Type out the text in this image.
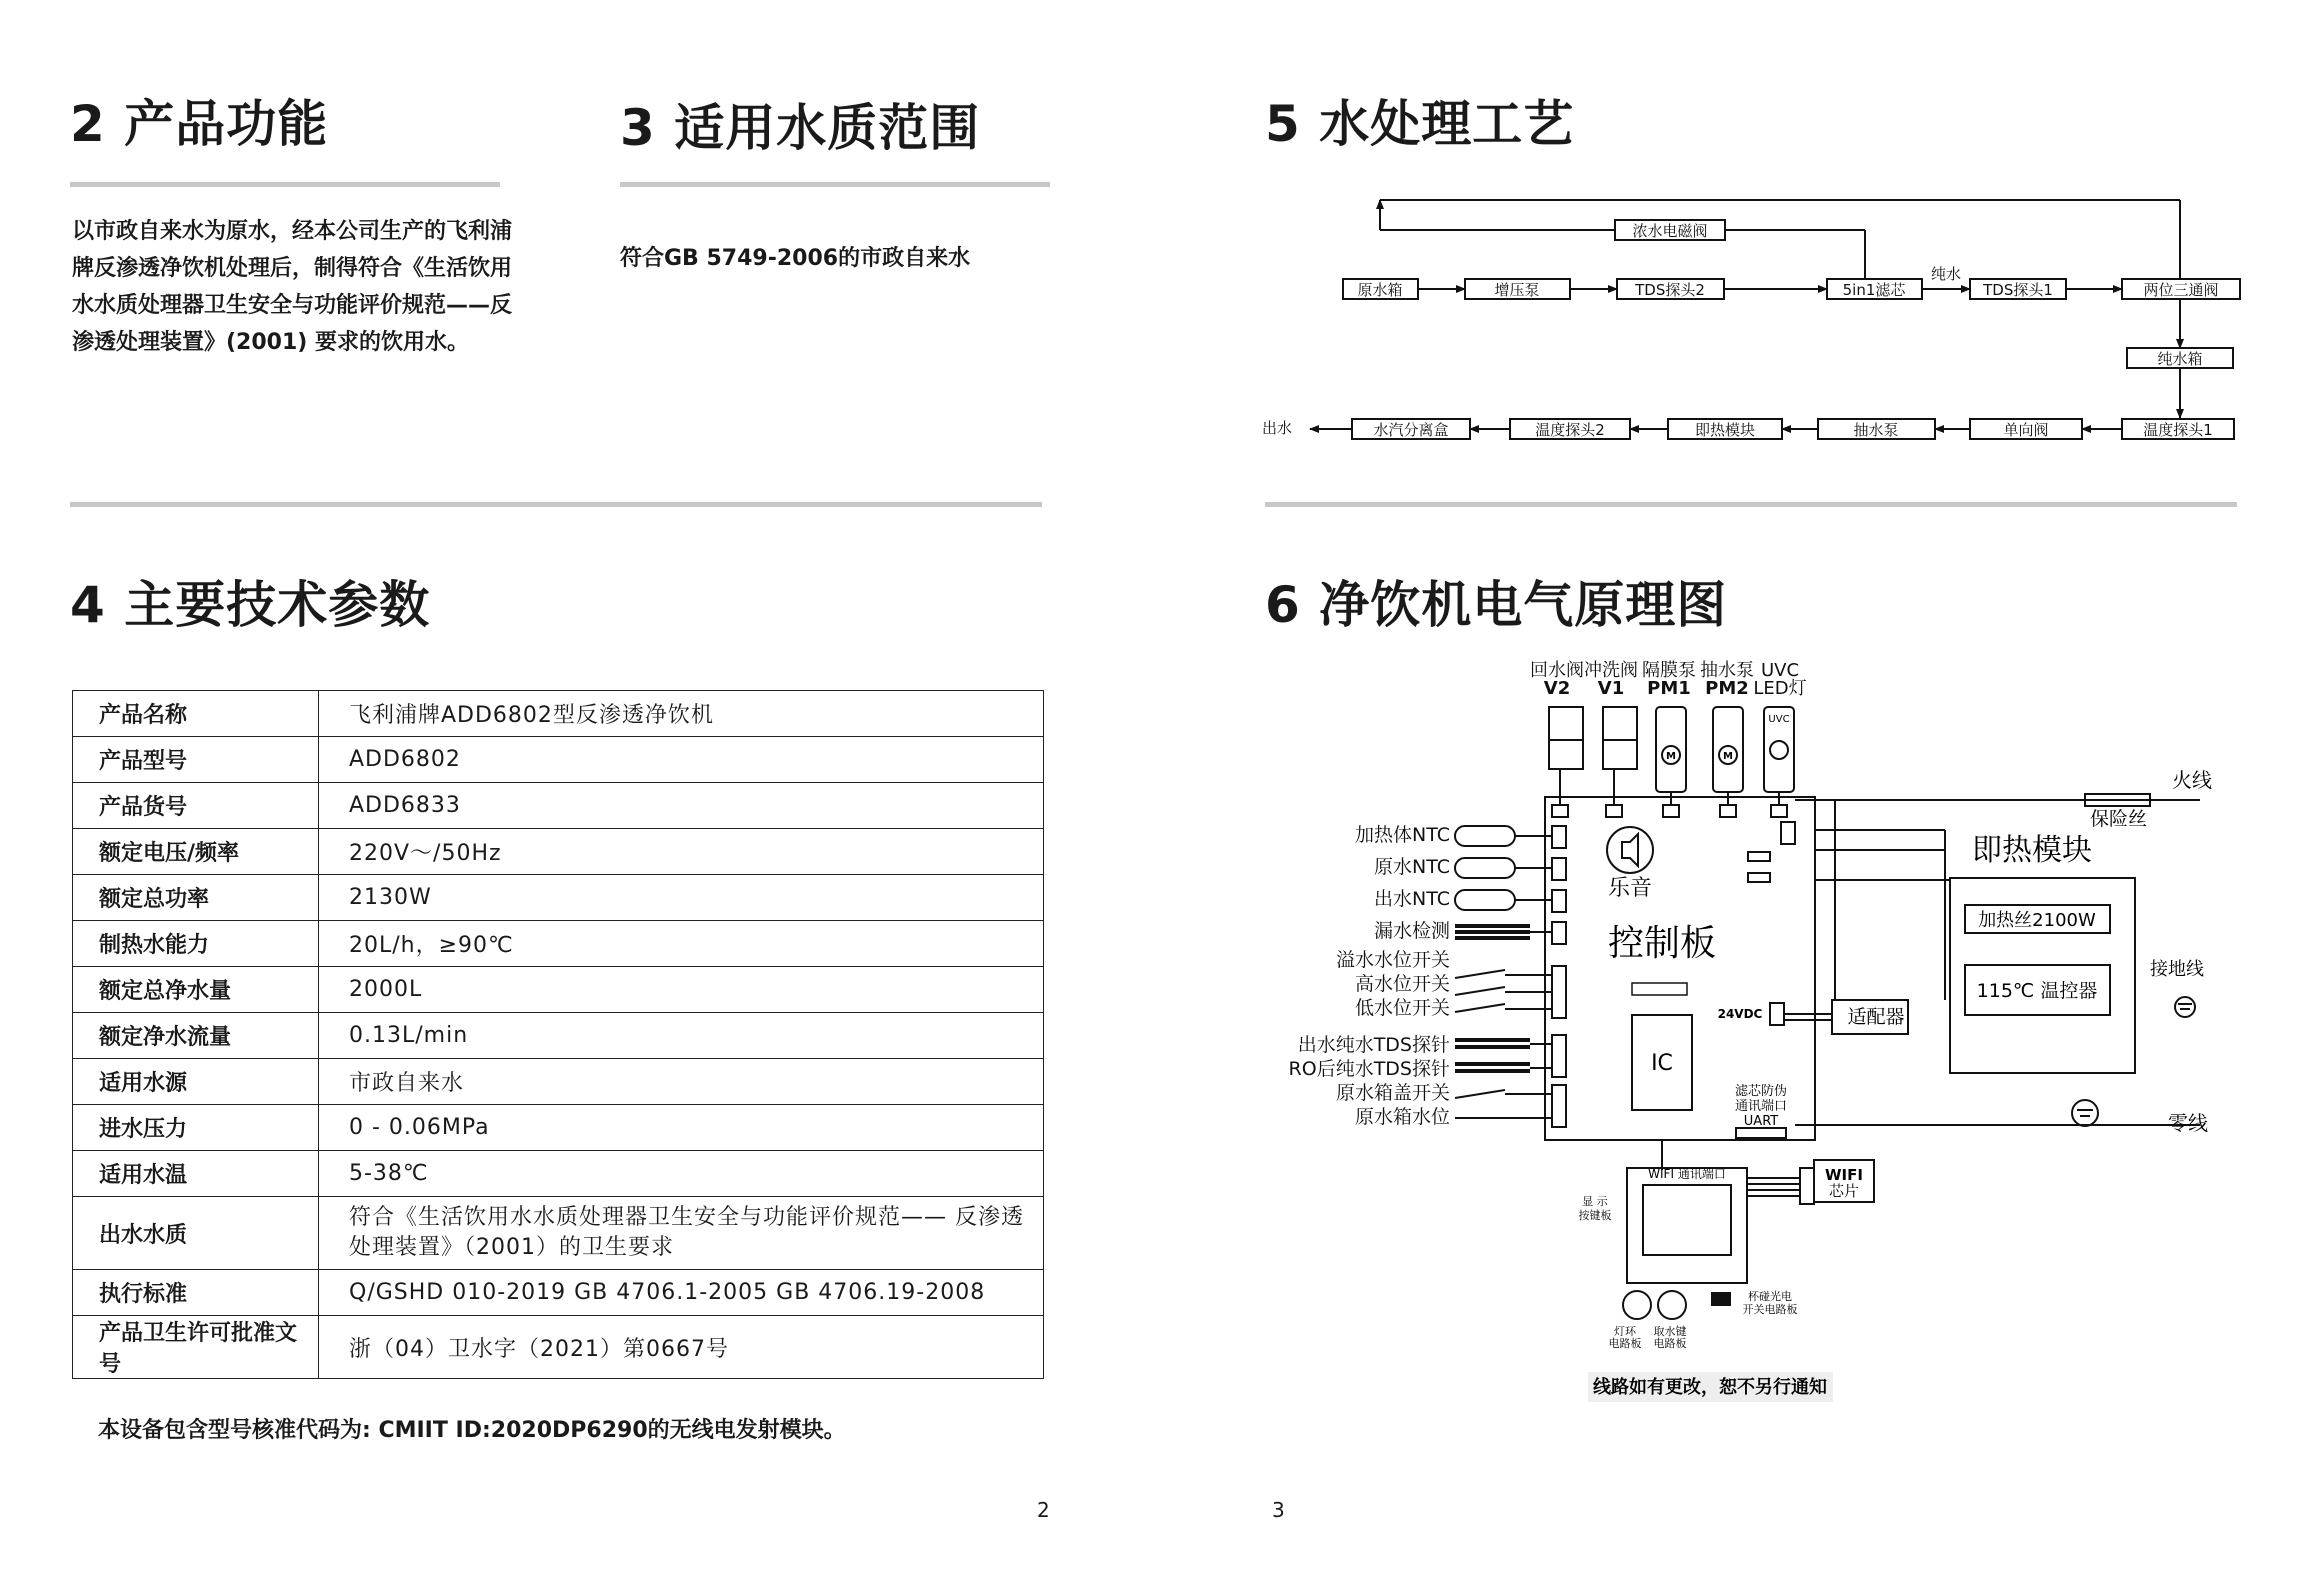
2 产品功能	3 适用水质范围	5 水处理工艺
4 主要技术参数	6 净饮机电气原理图
以市政自来水为原水，经本公司生产的飞利浦牌反渗透净饮机处理后，制得符合《生活饮用水水质处理器卫生安全与功能评价规范——反渗透处理装置》(2001) 要求的饮用水。
符合GB 5749-2006的市政自来水
产品名称	飞利浦牌ADD6802型反渗透净饮机
产品型号	ADD6802
产品货号	ADD6833
额定电压/频率	220V～/50Hz
额定总功率	2130W
制热水能力	20L/h，≥90℃
额定总净水量	2000L
额定净水流量	0.13L/min
适用水源	市政自来水
进水压力	0 - 0.06MPa
适用水温	5-38℃
出水水质	符合《生活饮用水水质处理器卫生安全与功能评价规范—— 反渗透处理装置》（2001）的卫生要求
执行标准	Q/GSHD 010-2019 GB 4706.1-2005 GB 4706.19-2008
产品卫生许可批准文号	浙（04）卫水字（2021）第0667号
本设备包含型号核准代码为: CMIIT ID:2020DP6290的无线电发射模块。
2	3
浓水电磁阀
原水箱	增压泵	TDS探头2	5in1滤芯	TDS探头1	两位三通阀
纯水
纯水箱
水汽分离盒	温度探头2	即热模块	抽水泵	单向阀	温度探头1
出水
回水阀
V2
冲洗阀
V1
隔膜泵
PM1
抽水泵
PM2
UVC
LED灯
UVC
M	M
乐音
控制板
IC
加热体NTC
原水NTC
出水NTC
漏水检测
溢水水位开关
高水位开关
低水位开关
出水纯水TDS探针
RO后纯水TDS探针
原水箱盖开关
原水箱水位
24VDC
滤芯防伪
通讯端口
UART
适配器
火线
保险丝
即热模块
加热丝2100W
115℃ 温控器
接地线
零线
WIFI 通讯端口	WIFI
芯片
显 示
按键板
灯环
电路板
取水键
电路板
杯碰光电
开关电路板
线路如有更改，恕不另行通知
